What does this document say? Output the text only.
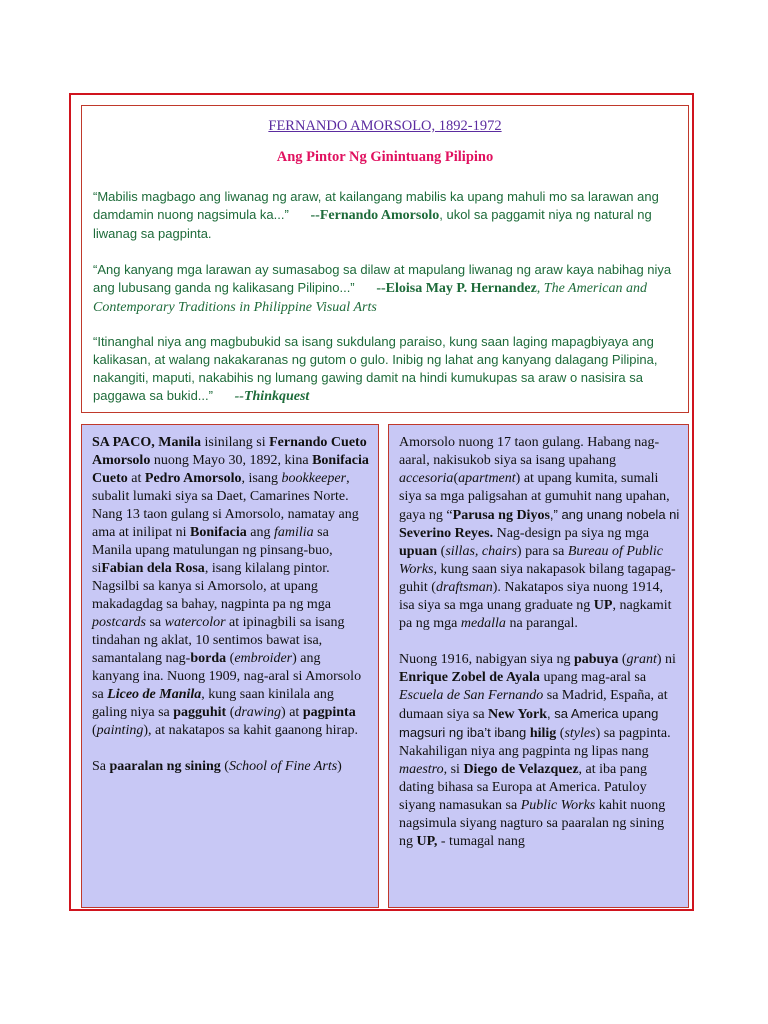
FERNANDO AMORSOLO, 1892-1972
Ang Pintor Ng Ginintuang Pilipino

“Mabilis magbago ang liwanag ng araw, at kailangang mabilis ka upang mahuli mo sa larawan ang damdamin nuong nagsimula ka...” --Fernando Amorsolo, ukol sa paggamit niya ng natural ng liwanag sa pagpinta.

“Ang kanyang mga larawan ay sumasabog sa dilaw at mapulang liwanag ng araw kaya nabihag niya ang lubusang ganda ng kalikasang Pilipino...” --Eloisa May P. Hernandez, The American and Contemporary Traditions in Philippine Visual Arts

“Itinanghal niya ang magbubukid sa isang sukdulang paraiso, kung saan laging mapagbiyaya ang kalikasan, at walang nakakaranas ng gutom o gulo. Inibig ng lahat ang kanyang dalagang Pilipina, nakangiti, maputi, nakabihis ng lumang gawing damit na hindi kumukupas sa araw o nasisira sa paggawa sa bukid...” --Thinkquest

SA PACO, Manila isinilang si Fernando Cueto Amorsolo nuong Mayo 30, 1892, kina Bonifacia Cueto at Pedro Amorsolo, isang bookkeeper, subalit lumaki siya sa Daet, Camarines Norte. Nang 13 taon gulang si Amorsolo, namatay ang ama at inilipat ni Bonifacia ang familia sa Manila upang matulungan ng pinsang-buo, siFabian dela Rosa, isang kilalang pintor. Nagsilbi sa kanya si Amorsolo, at upang makadagdag sa bahay, nagpinta pa ng mga postcards sa watercolor at ipinagbili sa isang tindahan ng aklat, 10 sentimos bawat isa, samantalang nag-borda (embroider) ang kanyang ina. Nuong 1909, nag-aral si Amorsolo sa Liceo de Manila, kung saan kinilala ang galing niya sa pagguhit (drawing) at pagpinta (painting), at nakatapos sa kahit gaanong hirap.

Sa paaralan ng sining (School of Fine Arts)

Amorsolo nuong 17 taon gulang. Habang nag-aaral, nakisukob siya sa isang upahang accesoria(apartment) at upang kumita, sumali siya sa mga paligsahan at gumuhit nang upahan, gaya ng “Parusa ng Diyos,” ang unang nobela ni Severino Reyes. Nag-design pa siya ng mga upuan (sillas, chairs) para sa Bureau of Public Works, kung saan siya nakapasok bilang tagapag-guhit (draftsman). Nakatapos siya nuong 1914, isa siya sa mga unang graduate ng UP, nagkamit pa ng mga medalla na parangal.

Nuong 1916, nabigyan siya ng pabuya (grant) ni Enrique Zobel de Ayala upang mag-aral sa Escuela de San Fernando sa Madrid, España, at dumaan siya sa New York, sa America upang magsuri ng iba’t ibang hilig (styles) sa pagpinta. Nakahiligan niya ang pagpinta ng lipas nang maestro, si Diego de Velazquez, at iba pang dating bihasa sa Europa at America. Patuloy siyang namasukan sa Public Works kahit nuong nagsimula siyang nagturo sa paaralan ng sining ng UP, - tumagal nang
